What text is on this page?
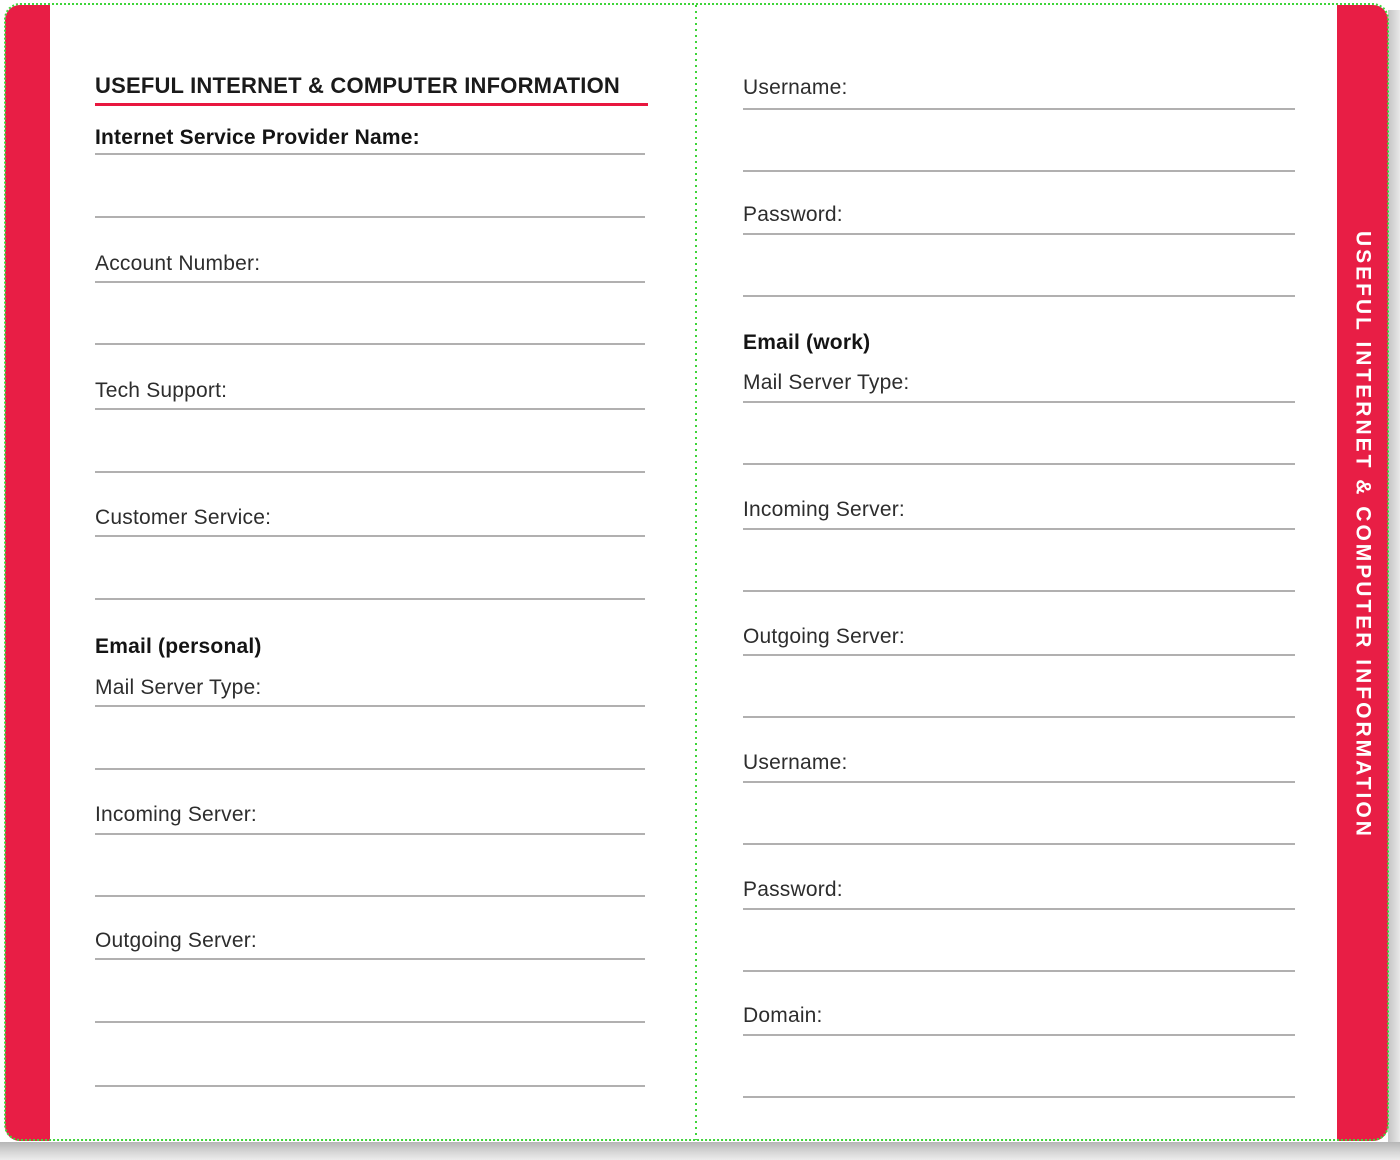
USEFUL INTERNET & COMPUTER INFORMATION
USEFUL INTERNET & COMPUTER INFORMATION
Internet Service Provider Name:
Account Number:
Tech Support:
Customer Service:
Email (personal)
Mail Server Type:
Incoming Server:
Outgoing Server:
Username:
Password:
Email (work)
Mail Server Type:
Incoming Server:
Outgoing Server:
Username:
Password:
Domain:
